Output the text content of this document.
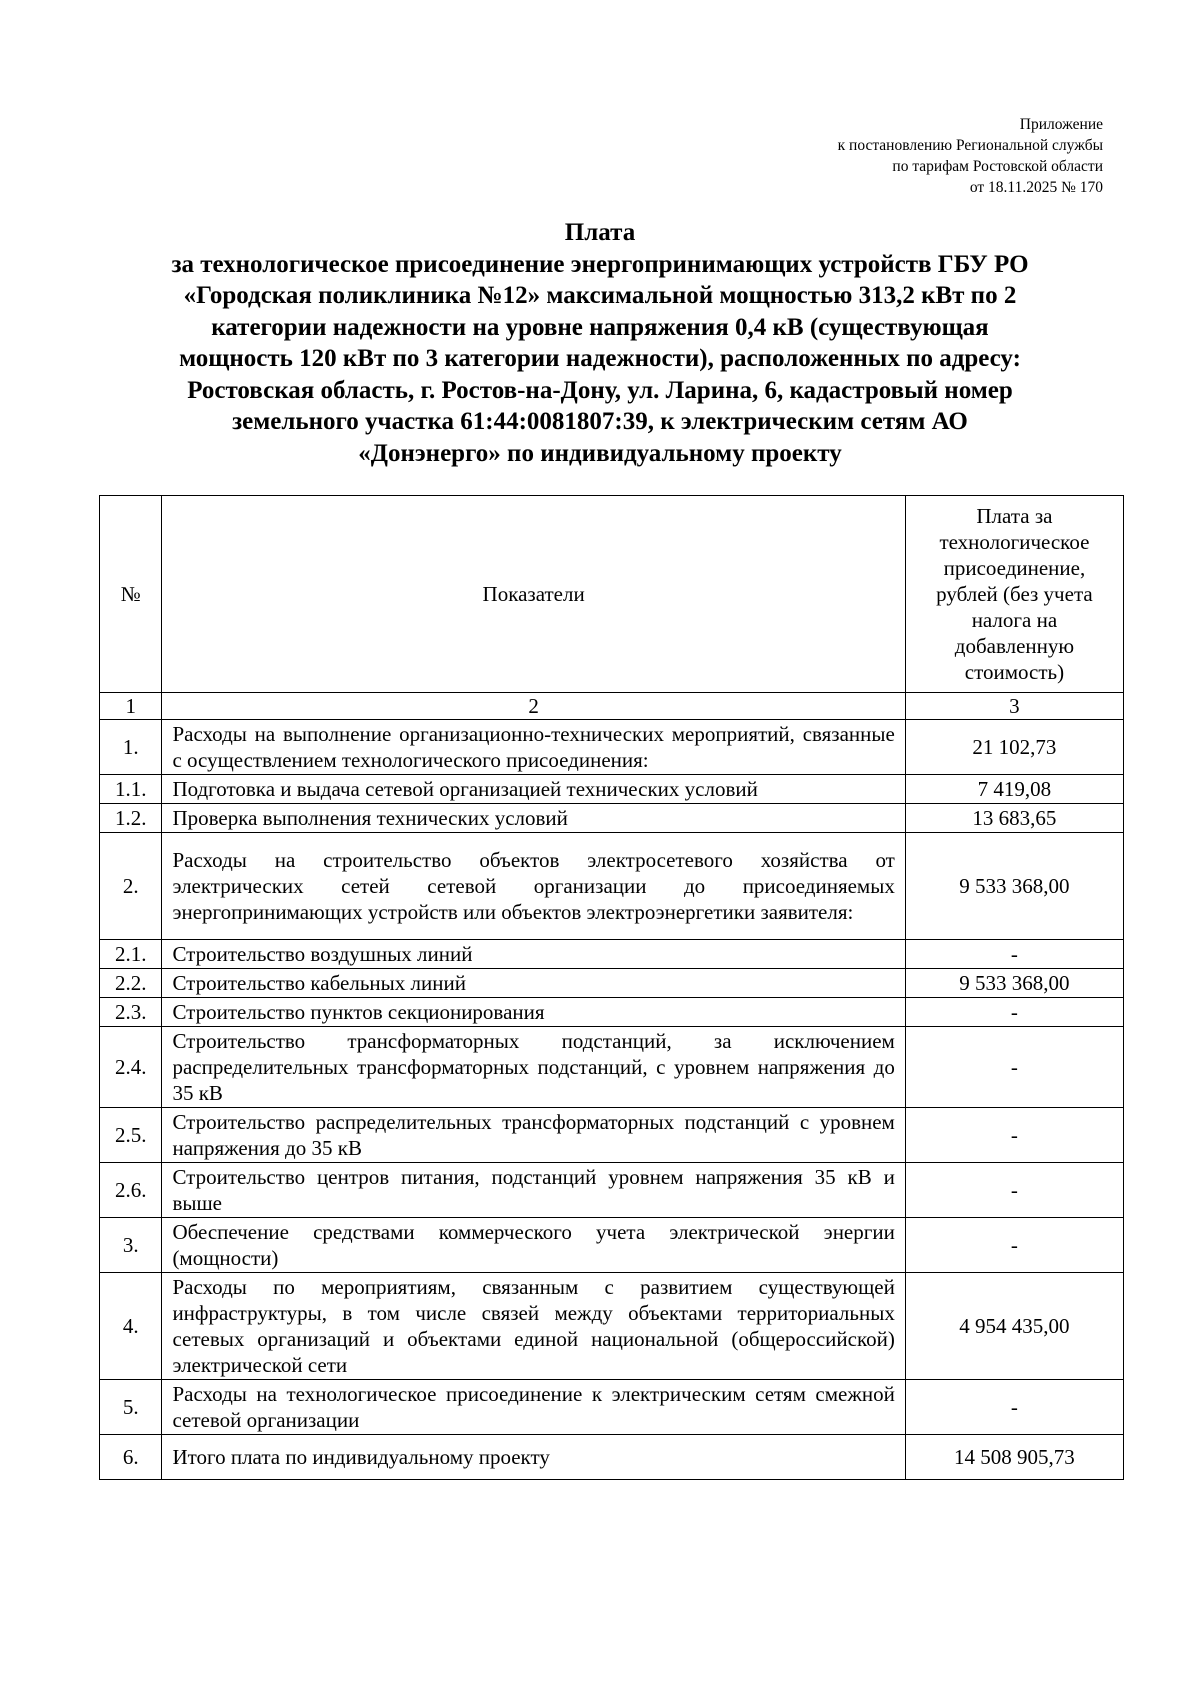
Приложение
к постановлению Региональной службы
по тарифам Ростовской области
от 18.11.2025 № 170
Плата
за технологическое присоединение энергопринимающих устройств ГБУ РО
«Городская поликлиника №12» максимальной мощностью 313,2 кВт по 2
категории надежности на уровне напряжения 0,4 кВ (существующая
мощность 120 кВт по 3 категории надежности), расположенных по адресу:
Ростовская область, г. Ростов-на-Дону, ул. Ларина, 6, кадастровый номер
земельного участка 61:44:0081807:39, к электрическим сетям АО
«Донэнерго» по индивидуальному проекту
№	Показатели	Плата за технологическое присоединение, рублей (без учета налога на добавленную стоимость)
1	2	3
1.	Расходы на выполнение организационно-технических мероприятий, связанные с осуществлением технологического присоединения:	21 102,73
1.1.	Подготовка и выдача сетевой организацией технических условий	7 419,08
1.2.	Проверка выполнения технических условий	13 683,65
2.	Расходы на строительство объектов электросетевого хозяйства от электрических сетей сетевой организации до присоединяемых энергопринимающих устройств или объектов электроэнергетики заявителя:	9 533 368,00
2.1.	Строительство воздушных линий	-
2.2.	Строительство кабельных линий	9 533 368,00
2.3.	Строительство пунктов секционирования	-
2.4.	Строительство трансформаторных подстанций, за исключением распределительных трансформаторных подстанций, с уровнем напряжения до 35 кВ	-
2.5.	Строительство распределительных трансформаторных подстанций с уровнем напряжения до 35 кВ	-
2.6.	Строительство центров питания, подстанций уровнем напряжения 35 кВ и выше	-
3.	Обеспечение средствами коммерческого учета электрической энергии (мощности)	-
4.	Расходы по мероприятиям, связанным с развитием существующей инфраструктуры, в том числе связей между объектами территориальных сетевых организаций и объектами единой национальной (общероссийской) электрической сети	4 954 435,00
5.	Расходы на технологическое присоединение к электрическим сетям смежной сетевой организации	-
6.	Итого плата по индивидуальному проекту	14 508 905,73
